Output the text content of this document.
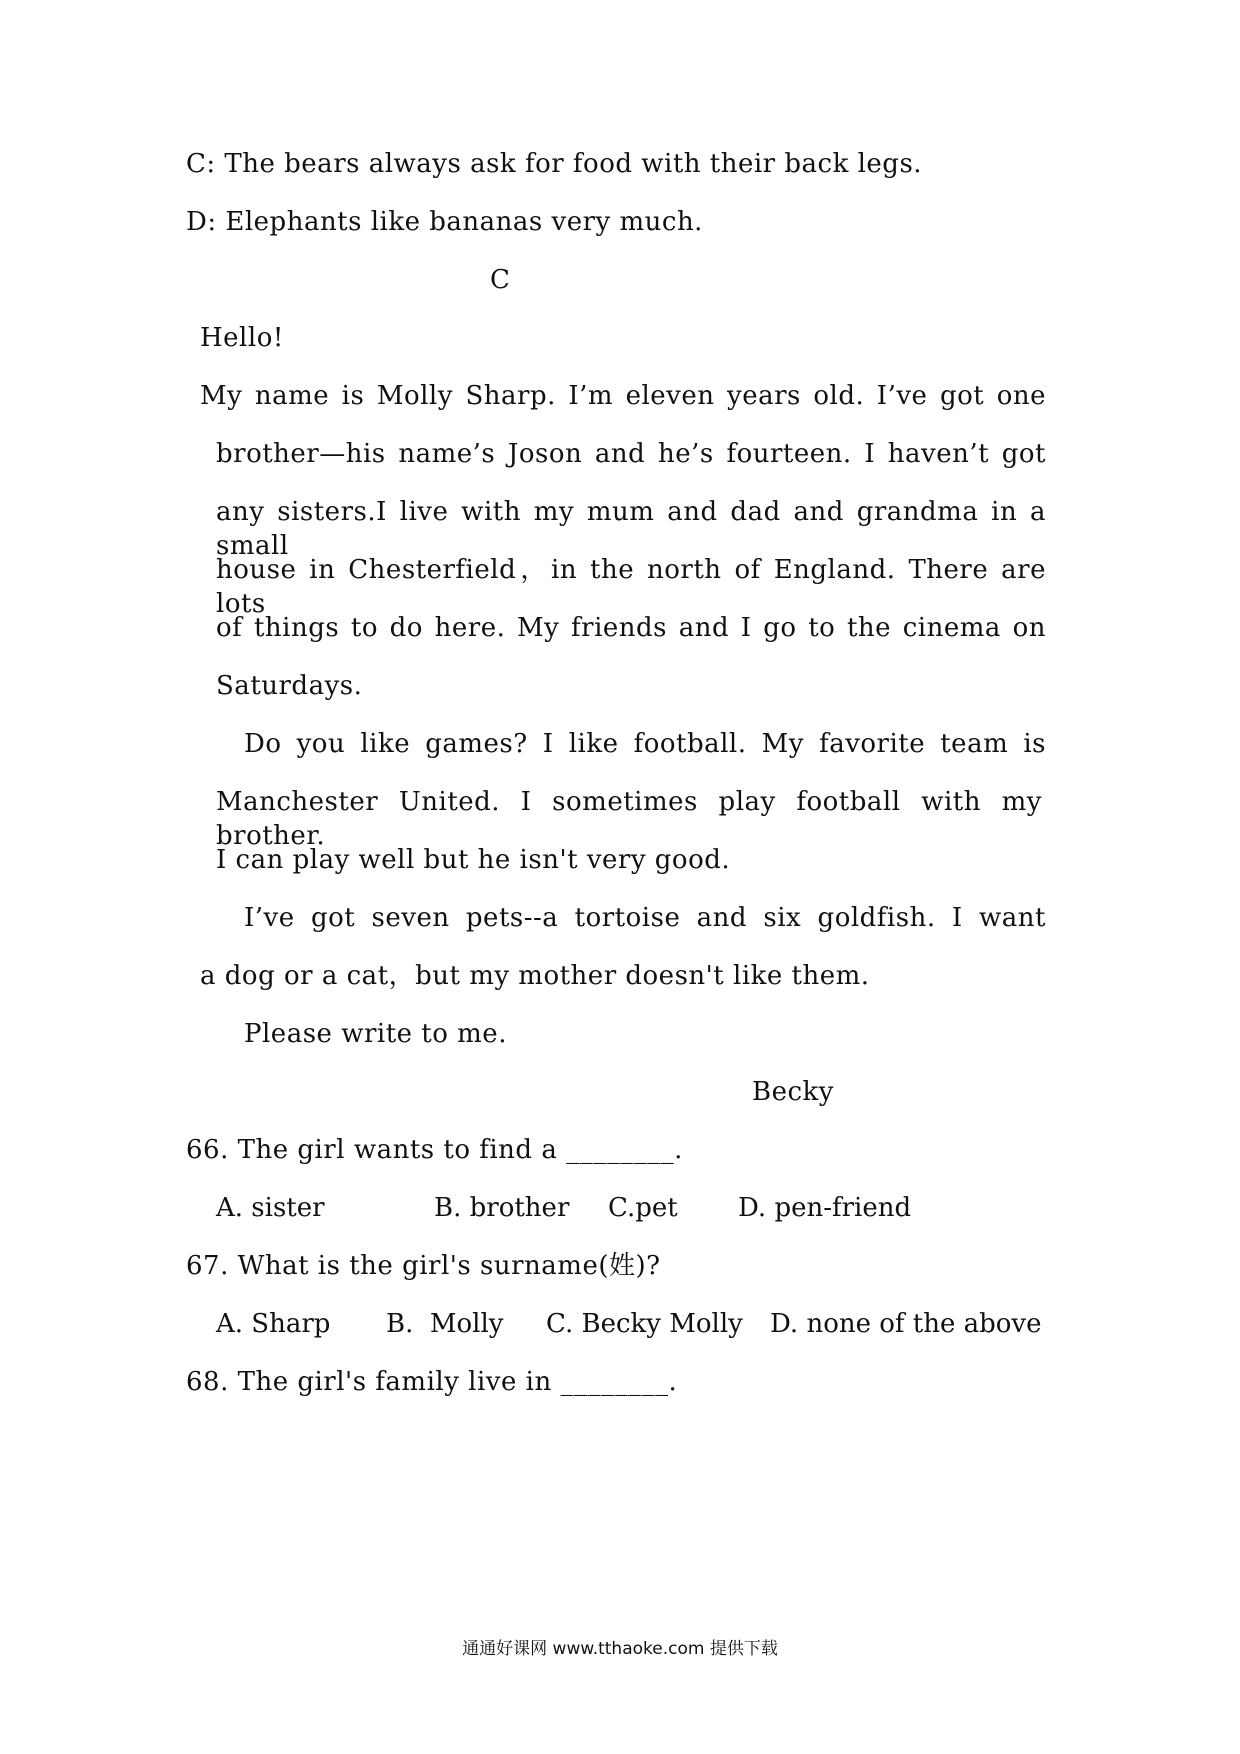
C: The bears always ask for food with their back legs.
D: Elephants like bananas very much.
C
Hello!
My name is Molly Sharp. I’m eleven years old. I’ve got one
brother—his name’s Joson and he’s fourteen. I haven’t got
any sisters.I live with my mum and dad and grandma in a small
house in Chesterfield，in the north of England. There are lots
of things to do here. My friends and I go to the cinema on
Saturdays.
Do you like games? I like football. My favorite team is
Manchester United. I sometimes play football with my brother.
I can play well but he isn't very good.
I’ve got seven pets--a tortoise and six goldfish. I want
a dog or a cat，but my mother doesn't like them.
Please write to me.
Becky
66. The girl wants to find a ________.

A. sister

	B. brother

C.pet

D. pen-friend

67. What is the girl's surname(姓)?

A. Sharp

B.  Molly

C. Becky Molly

D. none of the above

68. The girl's family live in ________.
通通好课网 www.tthaoke.com 提供下载
